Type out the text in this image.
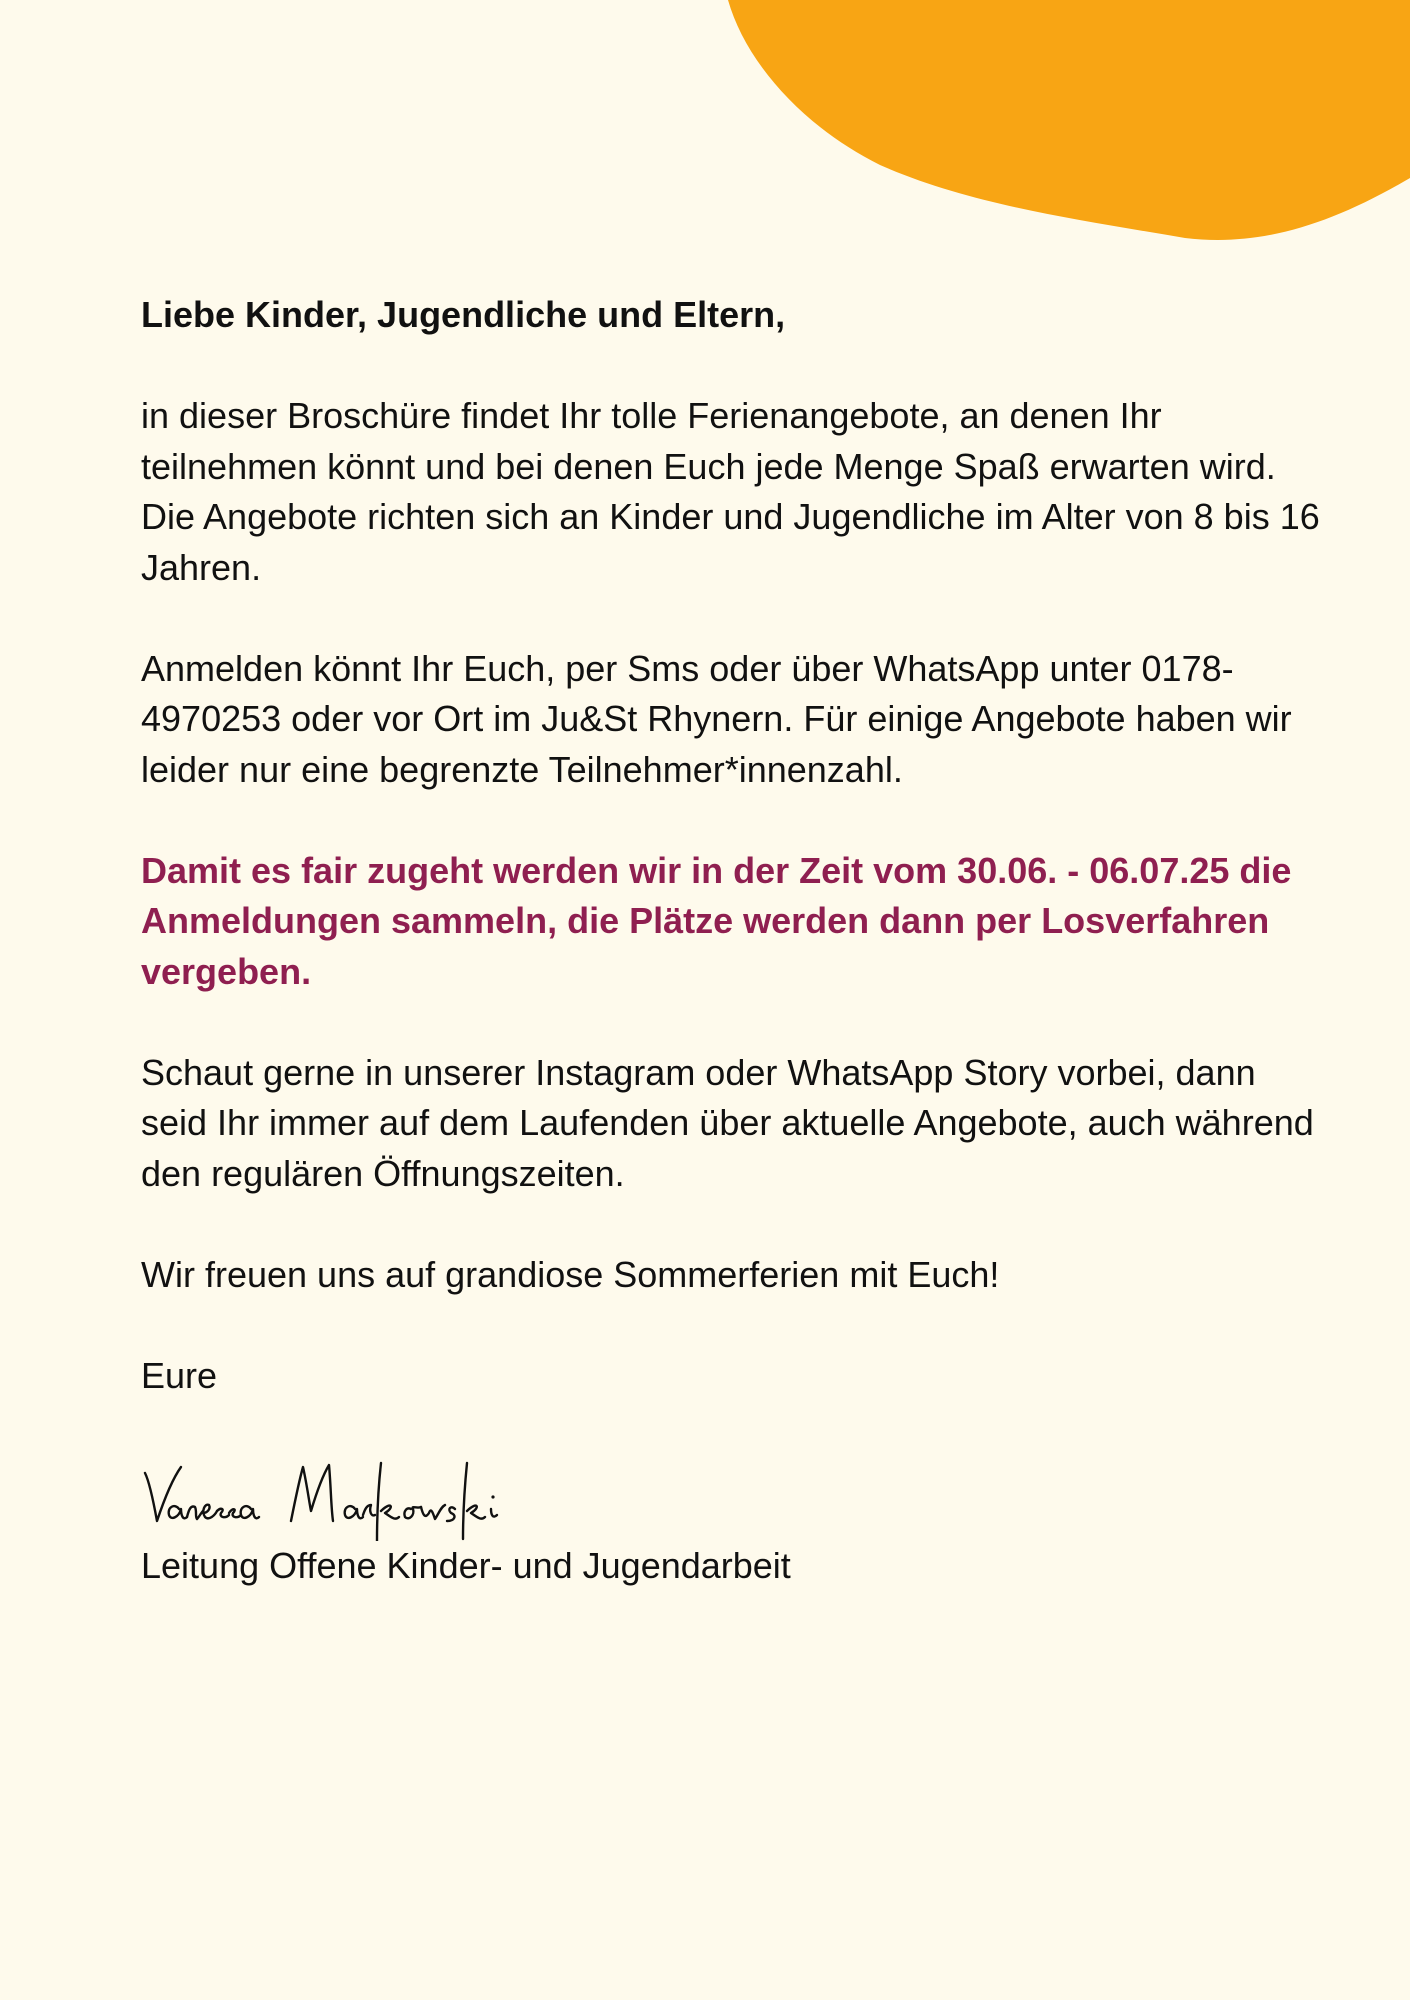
Liebe Kinder, Jugendliche und Eltern,

in dieser Broschüre findet Ihr tolle Ferienangebote, an denen Ihr teilnehmen könnt und bei denen Euch jede Menge Spaß erwarten wird. Die Angebote richten sich an Kinder und Jugendliche im Alter von 8 bis 16 Jahren.

Anmelden könnt Ihr Euch, per Sms oder über WhatsApp unter 0178- 4970253 oder vor Ort im Ju&St Rhynern. Für einige Angebote haben wir leider nur eine begrenzte Teilnehmer*innenzahl.

Damit es fair zugeht werden wir in der Zeit vom 30.06. - 06.07.25 die Anmeldungen sammeln, die Plätze werden dann per Losverfahren vergeben.

Schaut gerne in unserer Instagram oder WhatsApp Story vorbei, dann seid Ihr immer auf dem Laufenden über aktuelle Angebote, auch während den regulären Öffnungszeiten.

Wir freuen uns auf grandiose Sommerferien mit Euch!

Eure

Leitung Offene Kinder- und Jugendarbeit
